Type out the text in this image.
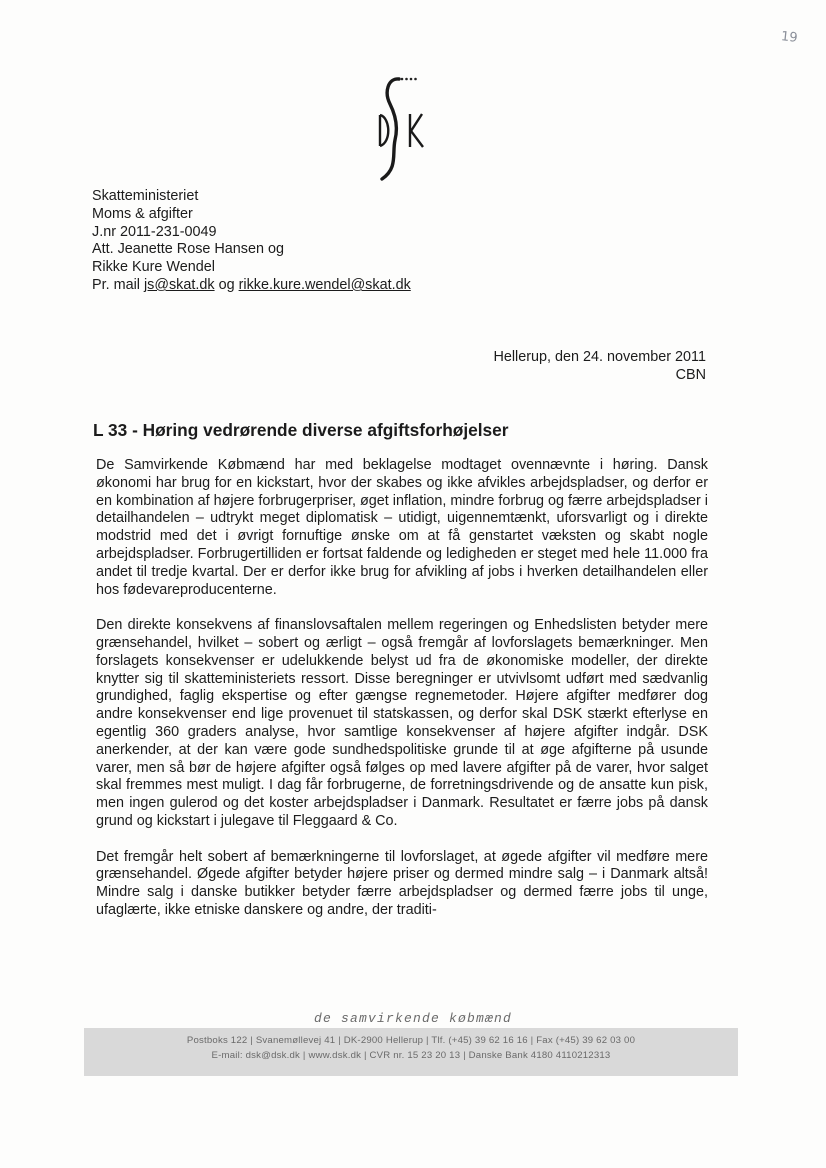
19
Skatteministeriet
Moms & afgifter
J.nr 2011-231-0049
Att. Jeanette Rose Hansen og
Rikke Kure Wendel
Pr. mail js@skat.dk og rikke.kure.wendel@skat.dk
Hellerup, den 24. november 2011
CBN
L 33 - Høring vedrørende diverse afgiftsforhøjelser

De Samvirkende Købmænd har med beklagelse modtaget ovennævnte i høring. Dansk økonomi har brug for en kickstart, hvor der skabes og ikke afvikles arbejdspladser, og derfor er en kombination af højere forbrugerpriser, øget inflation, mindre forbrug og færre arbejdspladser i detailhandelen – udtrykt meget diplomatisk – utidigt, uigennemtænkt, uforsvarligt og i direkte modstrid med det i øvrigt fornuftige ønske om at få genstartet væksten og skabt nogle arbejdspladser. Forbrugertilliden er fortsat faldende og ledigheden er steget med hele 11.000 fra andet til tredje kvartal. Der er derfor ikke brug for afvikling af jobs i hverken detailhandelen eller hos fødevareproducenterne.

Den direkte konsekvens af finanslovsaftalen mellem regeringen og Enhedslisten betyder mere grænsehandel, hvilket – sobert og ærligt – også fremgår af lovforslagets bemærkninger. Men forslagets konsekvenser er udelukkende belyst ud fra de økonomiske modeller, der direkte knytter sig til skatteministeriets ressort. Disse beregninger er utvivlsomt udført med sædvanlig grundighed, faglig ekspertise og efter gængse regnemetoder. Højere afgifter medfører dog andre konsekvenser end lige provenuet til statskassen, og derfor skal DSK stærkt efterlyse en egentlig 360 graders analyse, hvor samtlige konsekvenser af højere afgifter indgår. DSK anerkender, at der kan være gode sundhedspolitiske grunde til at øge afgifterne på usunde varer, men så bør de højere afgifter også følges op med lavere afgifter på de varer, hvor salget skal fremmes mest muligt. I dag får forbrugerne, de forretningsdrivende og de ansatte kun pisk, men ingen gulerod og det koster arbejdspladser i Danmark. Resultatet er færre jobs på dansk grund og kickstart i julegave til Fleggaard & Co.

Det fremgår helt sobert af bemærkningerne til lovforslaget, at øgede afgifter vil medføre mere grænsehandel. Øgede afgifter betyder højere priser og dermed mindre salg – i Danmark altså! Mindre salg i danske butikker betyder færre arbejdspladser og dermed færre jobs til unge, ufaglærte, ikke etniske danskere og andre, der traditi-

de samvirkende købmænd
Postboks 122 | Svanemøllevej 41 | DK-2900 Hellerup | Tlf. (+45) 39 62 16 16 | Fax (+45) 39 62 03 00
E-mail: dsk@dsk.dk | www.dsk.dk | CVR nr. 15 23 20 13 | Danske Bank 4180 4110212313
